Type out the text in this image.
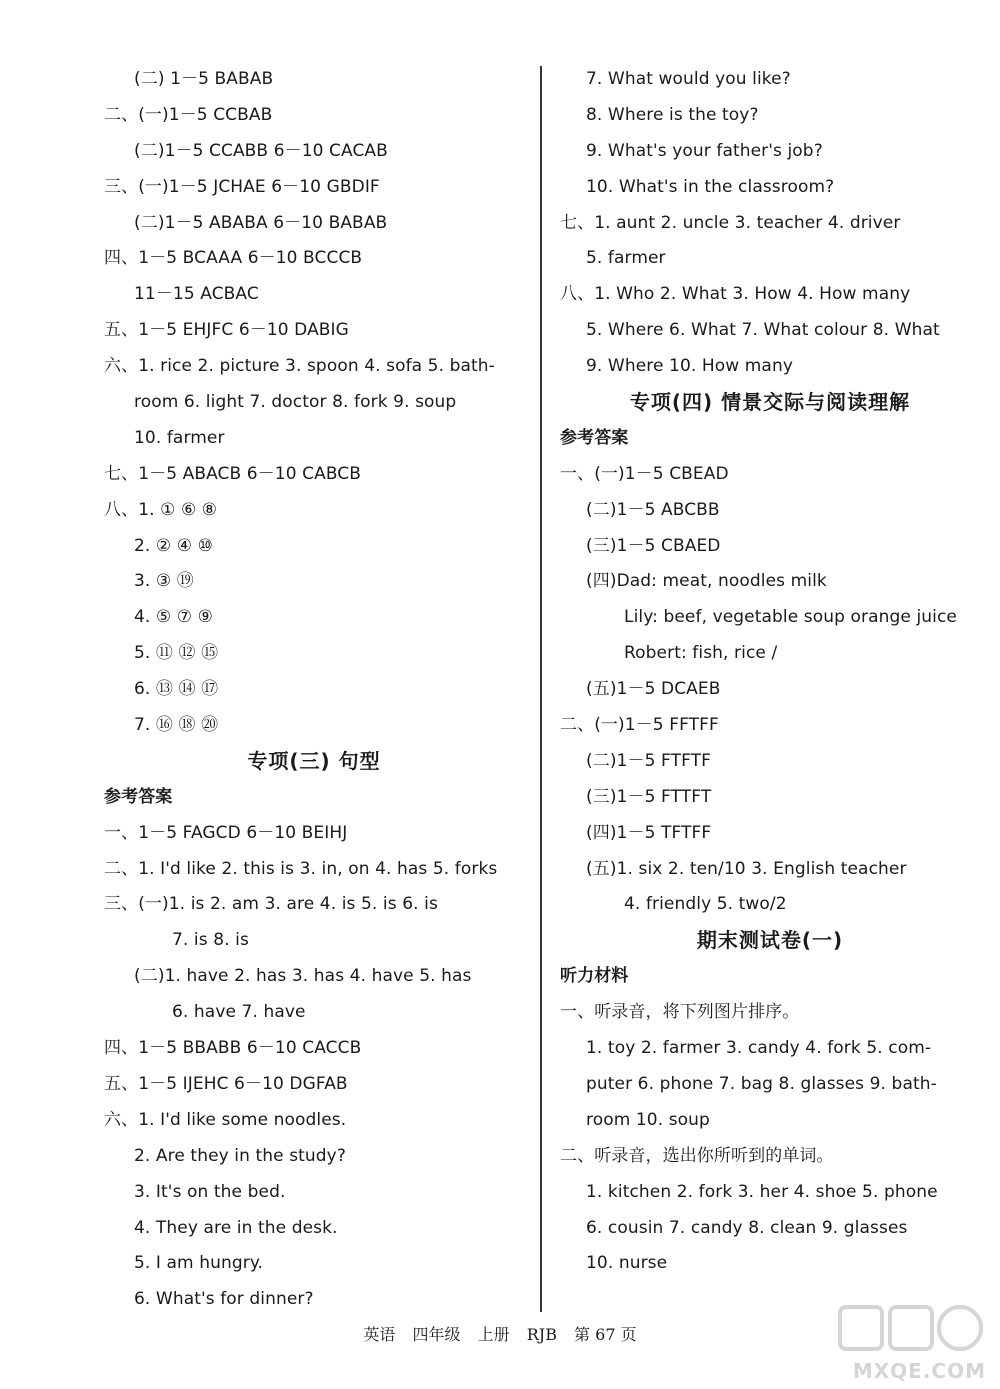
(二) 1－5 BABAB
二、(一)1－5 CCBAB
(二)1－5 CCABB 6－10 CACAB
三、(一)1－5 JCHAE 6－10 GBDIF
(二)1－5 ABABA 6－10 BABAB
四、1－5 BCAAA 6－10 BCCCB
11－15 ACBAC
五、1－5 EHJFC 6－10 DABIG
六、1. rice 2. picture 3. spoon 4. sofa 5. bath-
room 6. light 7. doctor 8. fork 9. soup
10. farmer
七、1－5 ABACB 6－10 CABCB
八、1. ① ⑥ ⑧
2. ② ④ ⑩
3. ③ ⑲
4. ⑤ ⑦ ⑨
5. ⑪ ⑫ ⑮
6. ⑬ ⑭ ⑰
7. ⑯ ⑱ ⑳
专项(三) 句型
参考答案
一、1－5 FAGCD 6－10 BEIHJ
二、1. I'd like 2. this is 3. in, on 4. has 5. forks
三、(一)1. is 2. am 3. are 4. is 5. is 6. is
7. is 8. is
(二)1. have 2. has 3. has 4. have 5. has
6. have 7. have
四、1－5 BBABB 6－10 CACCB
五、1－5 IJEHC 6－10 DGFAB
六、1. I'd like some noodles.
2. Are they in the study?
3. It's on the bed.
4. They are in the desk.
5. I am hungry.
6. What's for dinner?
7. What would you like?
8. Where is the toy?
9. What's your father's job?
10. What's in the classroom?
七、1. aunt 2. uncle 3. teacher 4. driver
5. farmer
八、1. Who 2. What 3. How 4. How many
5. Where 6. What 7. What colour 8. What
9. Where 10. How many
专项(四) 情景交际与阅读理解
参考答案
一、(一)1－5 CBEAD
(二)1－5 ABCBB
(三)1－5 CBAED
(四)Dad: meat, noodles milk
Lily: beef, vegetable soup orange juice
Robert: fish, rice /
(五)1－5 DCAEB
二、(一)1－5 FFTFF
(二)1－5 FTFTF
(三)1－5 FTTFT
(四)1－5 TFTFF
(五)1. six 2. ten/10 3. English teacher
4. friendly 5. two/2
期末测试卷(一)
听力材料
一、听录音，将下列图片排序。
1. toy 2. farmer 3. candy 4. fork 5. com-
puter 6. phone 7. bag 8. glasses 9. bath-
room 10. soup
二、听录音，选出你所听到的单词。
1. kitchen 2. fork 3. her 4. shoe 5. phone
6. cousin 7. candy 8. clean 9. glasses
10. nurse
英语 四年级 上册 RJB 第 67 页
MXQE.COM
